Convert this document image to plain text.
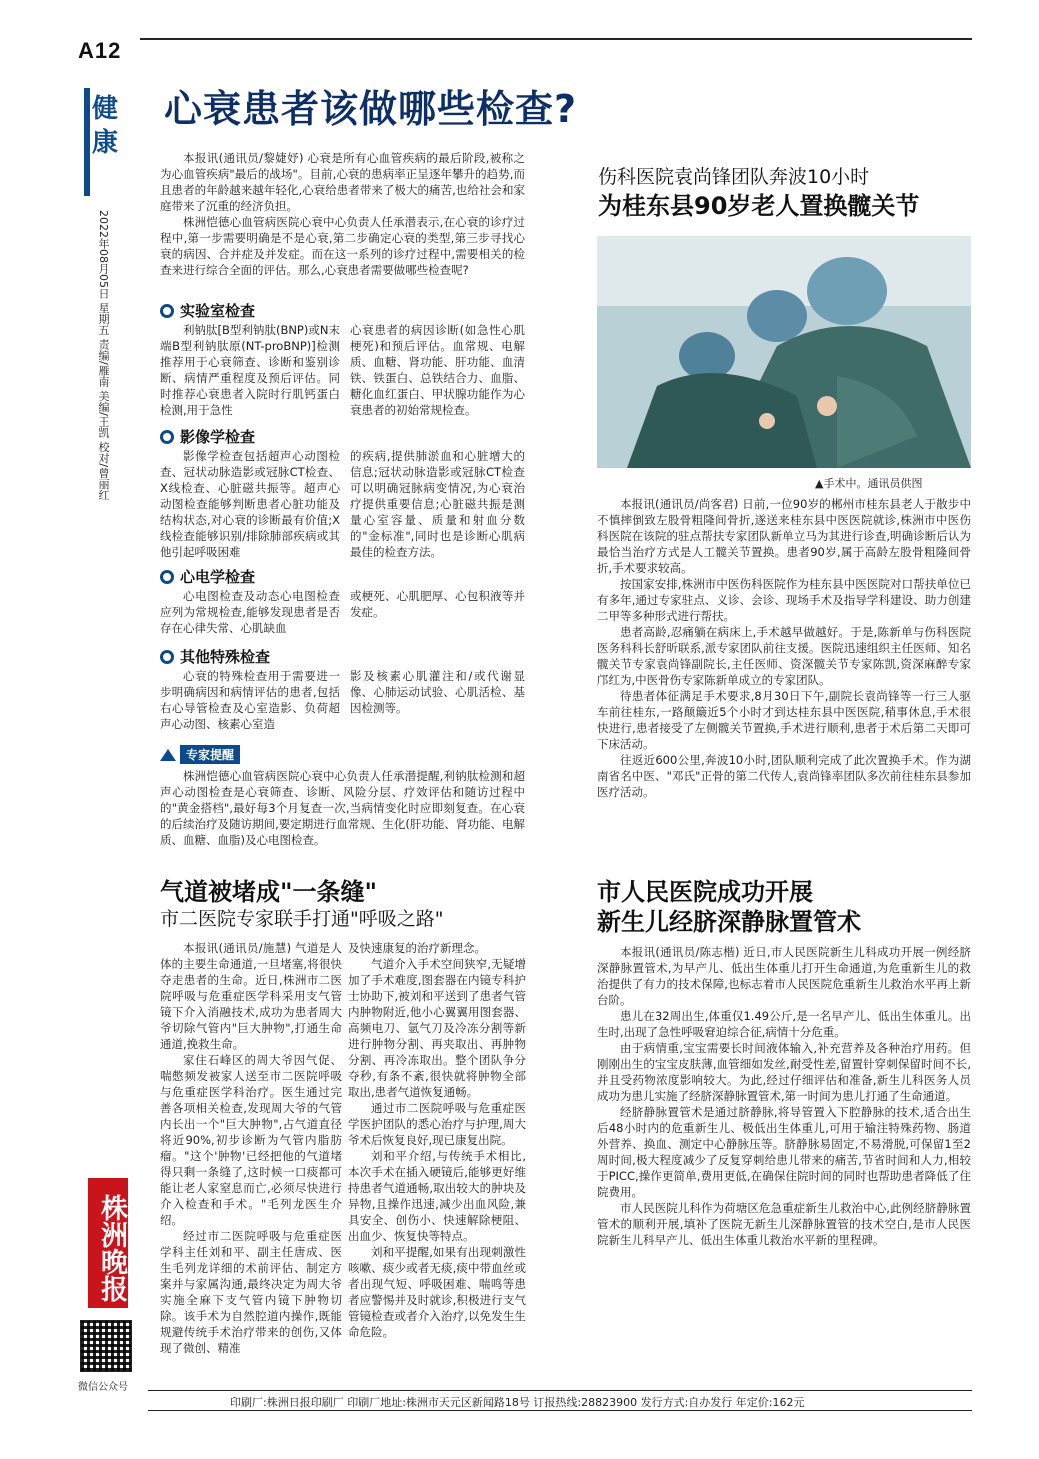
A12
健康
2022年08月05日 星期五 责编/雁南 美编/王凯 校对/曾丽红
株洲晚报
微信公众号
心衰患者该做哪些检查?

本报讯(通讯员/黎婕妤) 心衰是所有心血管疾病的最后阶段,被称之为心血管疾病"最后的战场"。目前,心衰的患病率正呈逐年攀升的趋势,而且患者的年龄越来越年轻化,心衰给患者带来了极大的痛苦,也给社会和家庭带来了沉重的经济负担。

株洲恺德心血管病医院心衰中心负责人任承潜表示,在心衰的诊疗过程中,第一步需要明确是不是心衰,第二步确定心衰的类型,第三步寻找心衰的病因、合并症及并发症。而在这一系列的诊疗过程中,需要相关的检查来进行综合全面的评估。那么,心衰患者需要做哪些检查呢?

实验室检查
利钠肽[B型利钠肽(BNP)或N末端B型利钠肽原(NT-proBNP)]检测推荐用于心衰筛查、诊断和鉴别诊断、病情严重程度及预后评估。同时推荐心衰患者入院时行肌钙蛋白检测,用于急性
心衰患者的病因诊断(如急性心肌梗死)和预后评估。血常规、电解质、血糖、肾功能、肝功能、血清铁、铁蛋白、总铁结合力、血脂、糖化血红蛋白、甲状腺功能作为心衰患者的初始常规检查。
影像学检查
影像学检查包括超声心动图检查、冠状动脉造影或冠脉CT检查、X线检查、心脏磁共振等。超声心动图检查能够判断患者心脏功能及结构状态,对心衰的诊断最有价值;X线检查能够识别/排除肺部疾病或其他引起呼吸困难
的疾病,提供肺淤血和心脏增大的信息;冠状动脉造影或冠脉CT检查可以明确冠脉病变情况,为心衰治疗提供重要信息;心脏磁共振是测量心室容量、质量和射血分数的"金标准",同时也是诊断心肌病最佳的检查方法。
心电学检查
心电图检查及动态心电图检查应列为常规检查,能够发现患者是否存在心律失常、心肌缺血
或梗死、心肌肥厚、心包积液等并发症。
其他特殊检查
心衰的特殊检查用于需要进一步明确病因和病情评估的患者,包括右心导管检查及心室造影、负荷超声心动图、核素心室造
影及核素心肌灌注和/或代谢显像、心肺运动试验、心肌活检、基因检测等。
专家提醒
株洲恺德心血管病医院心衰中心负责人任承潜提醒,利钠肽检测和超声心动图检查是心衰筛查、诊断、风险分层、疗效评估和随访过程中的"黄金搭档",最好每3个月复查一次,当病情变化时应即刻复查。在心衰的后续治疗及随访期间,要定期进行血常规、生化(肝功能、肾功能、电解质、血糖、血脂)及心电图检查。
伤科医院袁尚锋团队奔波10小时
为桂东县90岁老人置换髋关节
▲手术中。通讯员供图

本报讯(通讯员/尚客君) 日前,一位90岁的郴州市桂东县老人于散步中不慎摔倒致左股骨粗隆间骨折,遂送来桂东县中医医院就诊,株洲市中医伤科医院在该院的驻点帮扶专家团队新单立马为其进行诊查,明确诊断后认为最恰当治疗方式是人工髋关节置换。患者90岁,属于高龄左股骨粗隆间骨折,手术要求较高。

按国家安排,株洲市中医伤科医院作为桂东县中医医院对口帮扶单位已有多年,通过专家驻点、义诊、会诊、现场手术及指导学科建设、助力创建二甲等多种形式进行帮扶。

患者高龄,忍痛躺在病床上,手术越早做越好。于是,陈新单与伤科医院医务科科长舒昕联系,派专家团队前往支援。医院迅速组织主任医师、知名髋关节专家袁尚锋副院长,主任医师、资深髋关节专家陈凯,资深麻醉专家邝红为,中医骨伤专家陈新单成立的专家团队。

待患者体征满足手术要求,8月30日下午,副院长袁尚锋等一行三人驱车前往桂东,一路颠簸近5个小时才到达桂东县中医医院,稍事休息,手术很快进行,患者接受了左侧髋关节置换,手术进行顺利,患者于术后第二天即可下床活动。

往返近600公里,奔波10小时,团队顺利完成了此次置换手术。作为湖南省名中医、"邓氏"正骨的第二代传人,袁尚锋率团队多次前往桂东县参加医疗活动。

气道被堵成"一条缝"
市二医院专家联手打通"呼吸之路"

本报讯(通讯员/施慧) 气道是人体的主要生命通道,一旦堵塞,将很快夺走患者的生命。近日,株洲市二医院呼吸与危重症医学科采用支气管镜下介入消融技术,成功为患者周大爷切除气管内"巨大肿物",打通生命通道,挽救生命。

家住石峰区的周大爷因气促、喘憋频发被家人送至市二医院呼吸与危重症医学科治疗。医生通过完善各项相关检查,发现周大爷的气管内长出一个"巨大肿物",占气道直径将近90%,初步诊断为气管内脂肪瘤。"这个'肿物'已经把他的气道堵得只剩一条缝了,这时候一口痰都可能让老人家窒息而亡,必须尽快进行介入检查和手术。"毛列龙医生介绍。

经过市二医院呼吸与危重症医学科主任刘和平、副主任唐成、医生毛列龙详细的术前评估、制定方案并与家属沟通,最终决定为周大爷实施全麻下支气管内镜下肿物切除。该手术为自然腔道内操作,既能规避传统手术治疗带来的创伤,又体现了微创、精准

及快速康复的治疗新理念。

气道介入手术空间狭窄,无疑增加了手术难度,图套器在内镜专科护士协助下,被刘和平送到了患者气管内肿物附近,他小心翼翼用图套器、高频电刀、氩气刀及冷冻分割等新进行肿物分割、再夹取出、再肿物分割、再冷冻取出。整个团队争分夺秒,有条不紊,很快就将肿物全部取出,患者气道恢复通畅。

通过市二医院呼吸与危重症医学医护团队的悉心治疗与护理,周大爷术后恢复良好,现已康复出院。

刘和平介绍,与传统手术相比,本次手术在插入硬镜后,能够更好维持患者气道通畅,取出较大的肿块及异物,且操作迅速,减少出血风险,兼具安全、创伤小、快速解除梗阻、出血少、恢复快等特点。

刘和平提醒,如果有出现刺激性咳嗽、痰少或者无痰,痰中带血丝或者出现气短、呼吸困难、喘鸣等患者应警惕并及时就诊,积极进行支气管镜检查或者介入治疗,以免发生生命危险。

市人民医院成功开展
新生儿经脐深静脉置管术

本报讯(通讯员/陈志楷) 近日,市人民医院新生儿科成功开展一例经脐深静脉置管术,为早产儿、低出生体重儿打开生命通道,为危重新生儿的救治提供了有力的技术保障,也标志着市人民医院危重新生儿救治水平再上新台阶。

患儿在32周出生,体重仅1.49公斤,是一名早产儿、低出生体重儿。出生时,出现了急性呼吸窘迫综合征,病情十分危重。

由于病情重,宝宝需要长时间液体输入,补充营养及各种治疗用药。但刚刚出生的宝宝皮肤薄,血管细如发丝,耐受性差,留置针穿刺保留时间不长,并且受药物浓度影响较大。为此,经过仔细评估和准备,新生儿科医务人员成功为患儿实施了经脐深静脉置管术,第一时间为患儿打通了生命通道。

经脐静脉置管术是通过脐静脉,将导管置入下腔静脉的技术,适合出生后48小时内的危重新生儿、极低出生体重儿,可用于输注特殊药物、肠道外营养、换血、测定中心静脉压等。脐静脉易固定,不易滑脱,可保留1至2周时间,极大程度减少了反复穿刺给患儿带来的痛苦,节省时间和人力,相较于PICC,操作更简单,费用更低,在确保住院时间的同时也帮助患者降低了住院费用。

市人民医院儿科作为荷塘区危急重症新生儿救治中心,此例经脐静脉置管术的顺利开展,填补了医院无新生儿深静脉置管的技术空白,是市人民医院新生儿科早产儿、低出生体重儿救治水平新的里程碑。

印刷厂:株洲日报印刷厂 印刷厂地址:株洲市天元区新闻路18号 订报热线:28823900 发行方式:自办发行 年定价:162元
